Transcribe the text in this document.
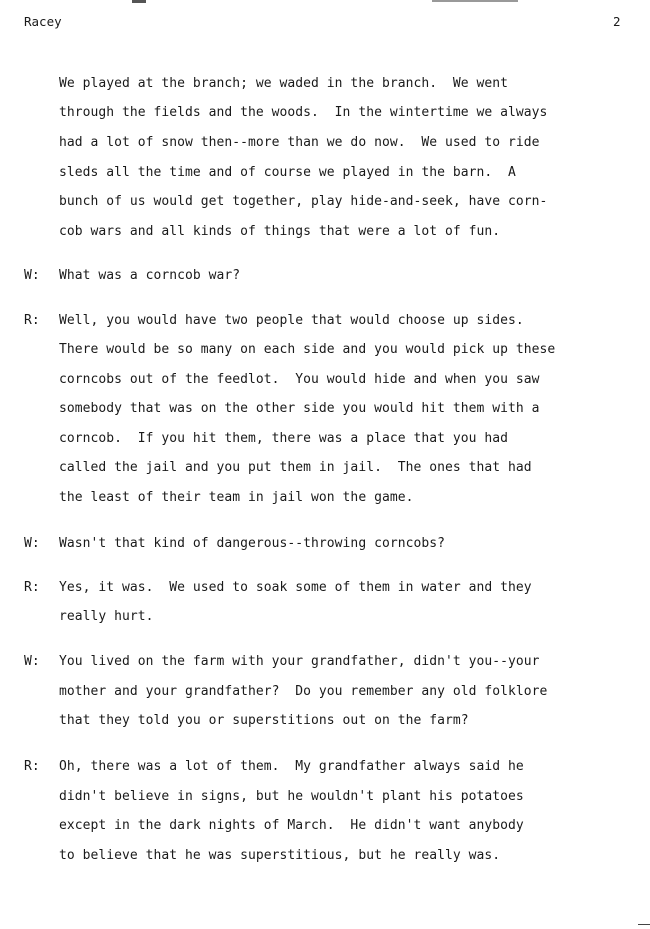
Racey	2
We played at the branch; we waded in the branch.  We went
through the fields and the woods.  In the wintertime we always
had a lot of snow then--more than we do now.  We used to ride
sleds all the time and of course we played in the barn.  A
bunch of us would get together, play hide-and-seek, have corn-
cob wars and all kinds of things that were a lot of fun.
W: What was a corncob war?
R: Well, you would have two people that would choose up sides.
There would be so many on each side and you would pick up these
corncobs out of the feedlot.  You would hide and when you saw
somebody that was on the other side you would hit them with a
corncob.  If you hit them, there was a place that you had
called the jail and you put them in jail.  The ones that had
the least of their team in jail won the game.
W: Wasn't that kind of dangerous--throwing corncobs?
R: Yes, it was.  We used to soak some of them in water and they
really hurt.
W: You lived on the farm with your grandfather, didn't you--your
mother and your grandfather?  Do you remember any old folklore
that they told you or superstitions out on the farm?
R: Oh, there was a lot of them.  My grandfather always said he
didn't believe in signs, but he wouldn't plant his potatoes
except in the dark nights of March.  He didn't want anybody
to believe that he was superstitious, but he really was.
